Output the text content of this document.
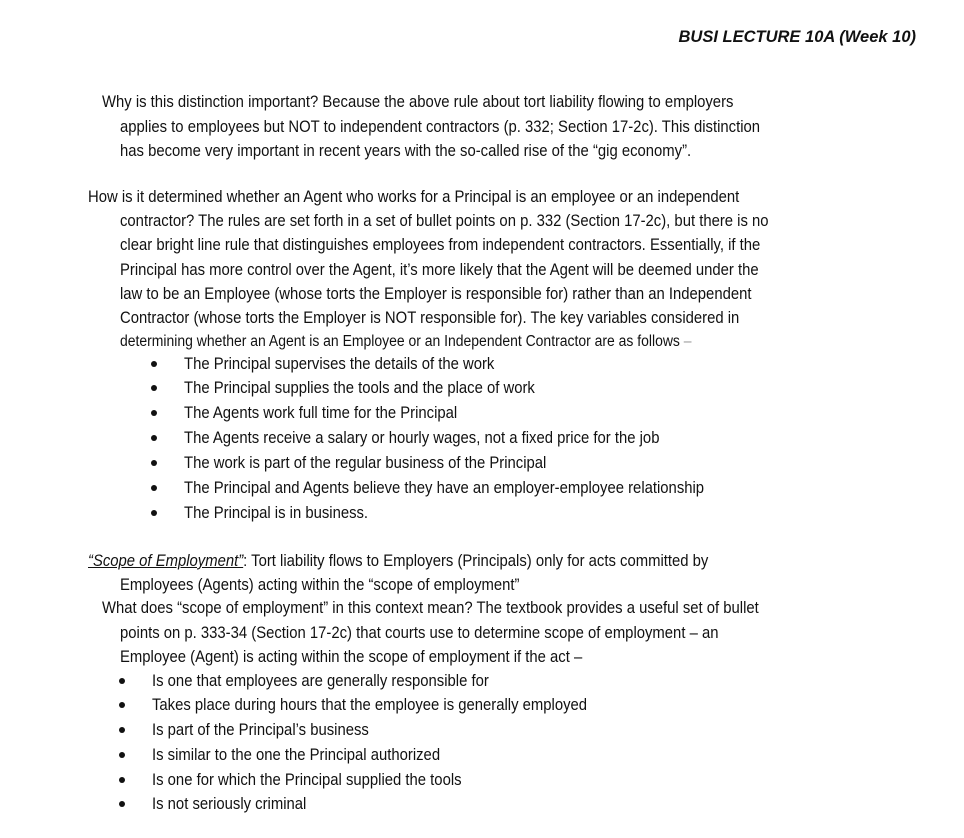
BUSI LECTURE 10A (Week 10)
Why is this distinction important? Because the above rule about tort liability flowing to employers
applies to employees but NOT to independent contractors (p. 332; Section 17-2c). This distinction
has become very important in recent years with the so-called rise of the “gig economy”.
How is it determined whether an Agent who works for a Principal is an employee or an independent
contractor? The rules are set forth in a set of bullet points on p. 332 (Section 17-2c), but there is no
clear bright line rule that distinguishes employees from independent contractors. Essentially, if the
Principal has more control over the Agent, it’s more likely that the Agent will be deemed under the
law to be an Employee (whose torts the Employer is responsible for) rather than an Independent
Contractor (whose torts the Employer is NOT responsible for). The key variables considered in
determining whether an Agent is an Employee or an Independent Contractor are as follows –
The Principal supervises the details of the work
The Principal supplies the tools and the place of work
The Agents work full time for the Principal
The Agents receive a salary or hourly wages, not a fixed price for the job
The work is part of the regular business of the Principal
The Principal and Agents believe they have an employer-employee relationship
The Principal is in business.
“Scope of Employment”: Tort liability flows to Employers (Principals) only for acts committed by
Employees (Agents) acting within the “scope of employment”
What does “scope of employment” in this context mean? The textbook provides a useful set of bullet
points on p. 333-34 (Section 17-2c) that courts use to determine scope of employment – an
Employee (Agent) is acting within the scope of employment if the act –
Is one that employees are generally responsible for
Takes place during hours that the employee is generally employed
Is part of the Principal’s business
Is similar to the one the Principal authorized
Is one for which the Principal supplied the tools
Is not seriously criminal
